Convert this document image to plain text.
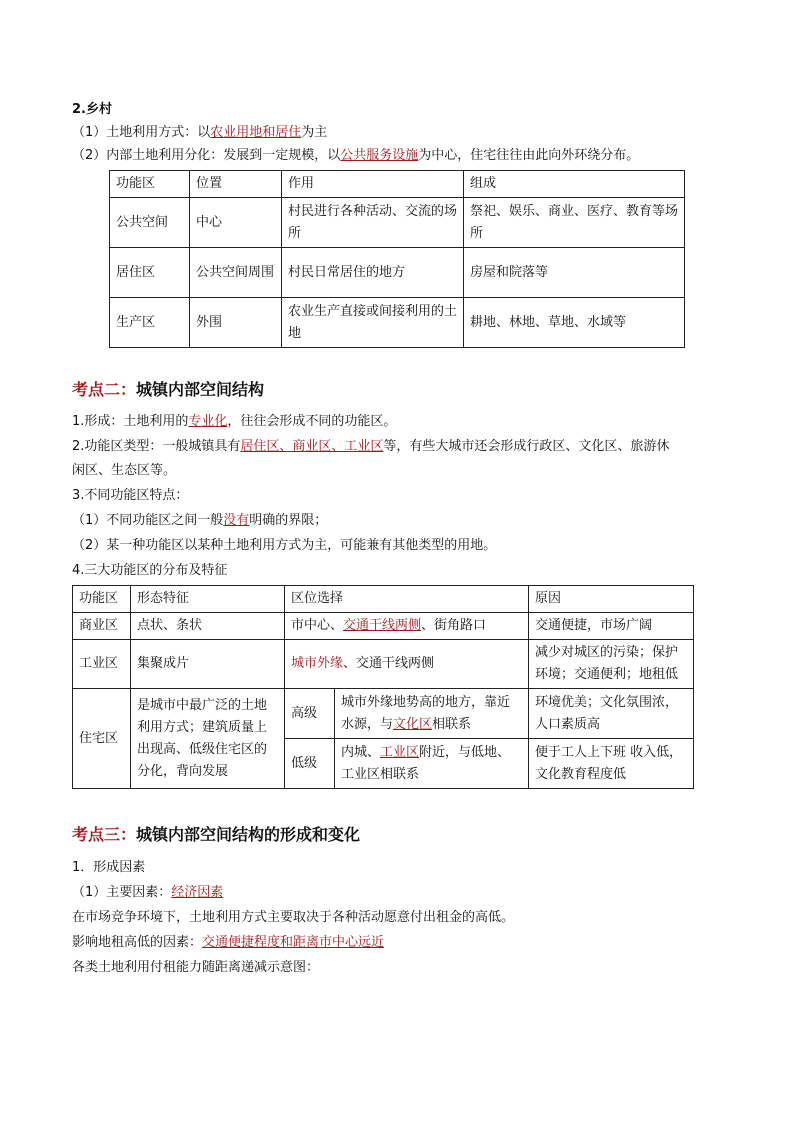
2.乡村
（1）土地利用方式：以农业用地和居住为主
（2）内部土地利用分化：发展到一定规模，以公共服务设施为中心，住宅往往由此向外环绕分布。
功能区	位置	作用	组成
公共空间	中心	村民进行各种活动、交流的场所	祭祀、娱乐、商业、医疗、教育等场所
居住区	公共空间周围	村民日常居住的地方	房屋和院落等
生产区	外围	农业生产直接或间接利用的土地	耕地、林地、草地、水域等
考点二：城镇内部空间结构
1.形成：土地利用的专业化，往往会形成不同的功能区。
2.功能区类型：一般城镇具有居住区、商业区、工业区等，有些大城市还会形成行政区、文化区、旅游休
闲区、生态区等。
3.不同功能区特点：
（1）不同功能区之间一般没有明确的界限；
（2）某一种功能区以某种土地利用方式为主，可能兼有其他类型的用地。
4.三大功能区的分布及特征
功能区	形态特征	区位选择		原因
商业区	点状、条状	市中心、交通干线两侧、街角路口		交通便捷，市场广阔
工业区	集聚成片	城市外缘、交通干线两侧		减少对城区的污染；保护环境；交通便利；地租低
住宅区	是城市中最广泛的土地利用方式；建筑质量上出现高、低级住宅区的分化，背向发展	高级	城市外缘地势高的地方，靠近水源，与文化区相联系	环境优美；文化氛围浓，人口素质高
		低级	内城、工业区附近，与低地、工业区相联系	便于工人上下班 收入低，文化教育程度低
考点三：城镇内部空间结构的形成和变化
1．形成因素
（1）主要因素：经济因素
在市场竞争环境下，土地利用方式主要取决于各种活动愿意付出租金的高低。
影响地租高低的因素：交通便捷程度和距离市中心远近
各类土地利用付租能力随距离递减示意图：
